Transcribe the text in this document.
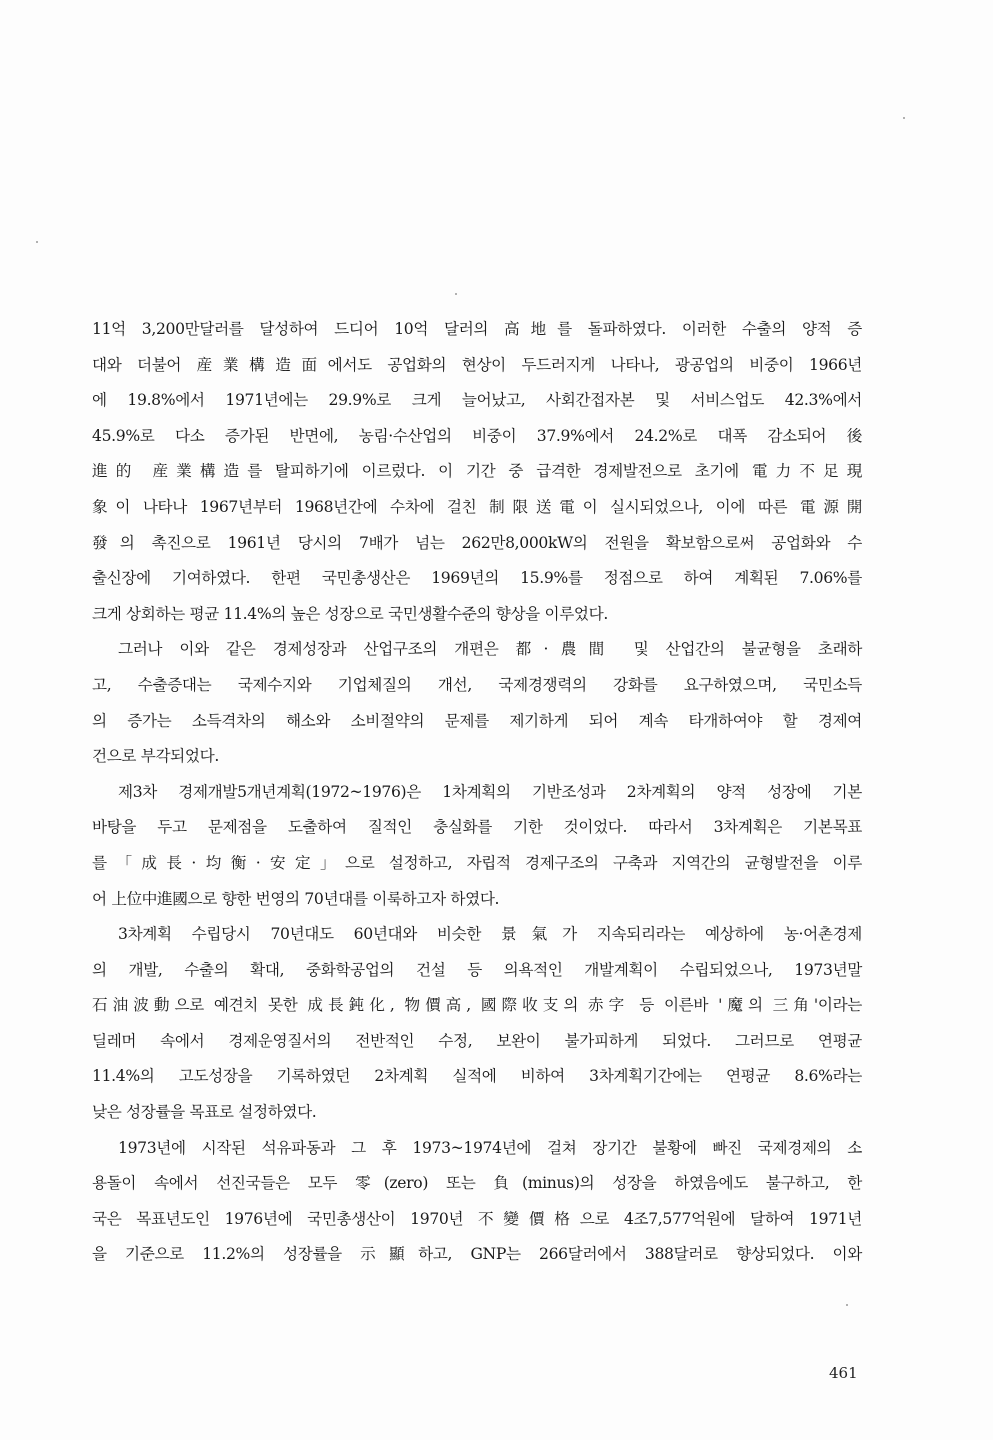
11억 3,200만달러를 달성하여 드디어 10억 달러의 高地를 돌파하였다. 이러한 수출의 양적 증
대와 더불어 産業構造面에서도 공업화의 현상이 두드러지게 나타나, 광공업의 비중이 1966년
에 19.8%에서 1971년에는 29.9%로 크게 늘어났고, 사회간접자본 및 서비스업도 42.3%에서
45.9%로 다소 증가된 반면에, 농림·수산업의 비중이 37.9%에서 24.2%로 대폭 감소되어 後
進的 産業構造를 탈피하기에 이르렀다. 이 기간 중 급격한 경제발전으로 초기에 電力不足現
象이 나타나 1967년부터 1968년간에 수차에 걸친 制限送電이 실시되었으나, 이에 따른 電源開
發의 촉진으로 1961년 당시의 7배가 넘는 262만8,000kW의 전원을 확보함으로써 공업화와 수
출신장에 기여하였다. 한편 국민총생산은 1969년의 15.9%를 정점으로 하여 계획된 7.06%를
크게 상회하는 평균 11.4%의 높은 성장으로 국민생활수준의 향상을 이루었다.
그러나 이와 같은 경제성장과 산업구조의 개편은 都·農間 및 산업간의 불균형을 초래하
고, 수출증대는 국제수지와 기업체질의 개선, 국제경쟁력의 강화를 요구하였으며, 국민소득
의 증가는 소득격차의 해소와 소비절약의 문제를 제기하게 되어 계속 타개하여야 할 경제여
건으로 부각되었다.
제3차 경제개발5개년계획(1972~1976)은 1차계획의 기반조성과 2차계획의 양적 성장에 기본
바탕을 두고 문제점을 도출하여 질적인 충실화를 기한 것이었다. 따라서 3차계획은 기본목표
를「成長·均衡·安定」으로 설정하고, 자립적 경제구조의 구축과 지역간의 균형발전을 이루
어 上位中進國으로 향한 번영의 70년대를 이룩하고자 하였다.
3차계획 수립당시 70년대도 60년대와 비슷한 景氣가 지속되리라는 예상하에 농·어촌경제
의 개발, 수출의 확대, 중화학공업의 건설 등 의욕적인 개발계획이 수립되었으나, 1973년말
石油波動으로 예견치 못한 成長鈍化, 物價高, 國際收支의 赤字 등 이른바 '魔의 三角'이라는
딜레머 속에서 경제운영질서의 전반적인 수정, 보완이 불가피하게 되었다. 그러므로 연평균
11.4%의 고도성장을 기록하였던 2차계획 실적에 비하여 3차계획기간에는 연평균 8.6%라는
낮은 성장률을 목표로 설정하였다.
1973년에 시작된 석유파동과 그 후 1973~1974년에 걸쳐 장기간 불황에 빠진 국제경제의 소
용돌이 속에서 선진국들은 모두 零(zero) 또는 負(minus)의 성장을 하였음에도 불구하고, 한
국은 목표년도인 1976년에 국민총생산이 1970년 不變價格으로 4조7,577억원에 달하여 1971년
을 기준으로 11.2%의 성장률을 示顯하고, GNP는 266달러에서 388달러로 향상되었다. 이와
461
